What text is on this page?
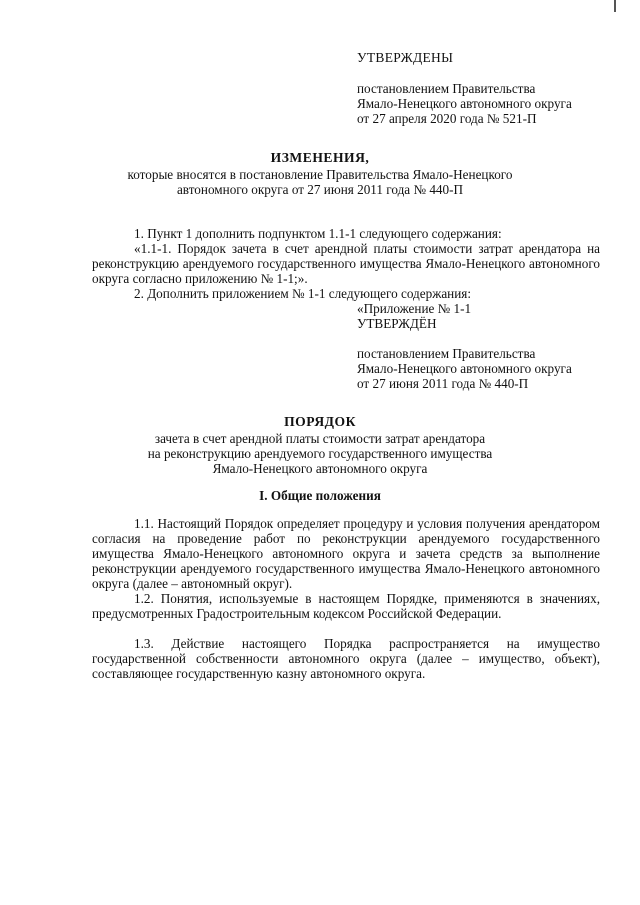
УТВЕРЖДЕНЫ
постановлением Правительства
Ямало-Ненецкого автономного округа
от 27 апреля 2020 года № 521-П
ИЗМЕНЕНИЯ,
которые вносятся в постановление Правительства Ямало-Ненецкого
автономного округа от 27 июня 2011 года № 440-П
1. Пункт 1 дополнить подпунктом 1.1-1 следующего содержания:
«1.1-1. Порядок зачета в счет арендной платы стоимости затрат арендатора на реконструкцию арендуемого государственного имущества Ямало-Ненецкого автономного округа согласно приложению № 1-1;».
2. Дополнить приложением № 1-1 следующего содержания:
«Приложение № 1-1
УТВЕРЖДЁН
постановлением Правительства
Ямало-Ненецкого автономного округа
от 27 июня 2011 года № 440-П
ПОРЯДОК
зачета в счет арендной платы стоимости затрат арендатора
на реконструкцию арендуемого государственного имущества
Ямало-Ненецкого автономного округа
I. Общие положения
1.1. Настоящий Порядок определяет процедуру и условия получения арендатором согласия на проведение работ по реконструкции арендуемого государственного имущества Ямало-Ненецкого автономного округа и зачета средств за выполнение реконструкции арендуемого государственного имущества Ямало-Ненецкого автономного округа (далее – автономный округ).
1.2. Понятия, используемые в настоящем Порядке, применяются в значениях, предусмотренных Градостроительным кодексом Российской Федерации.
1.3. Действие настоящего Порядка распространяется на имущество государственной собственности автономного округа (далее – имущество, объект), составляющее государственную казну автономного округа.
